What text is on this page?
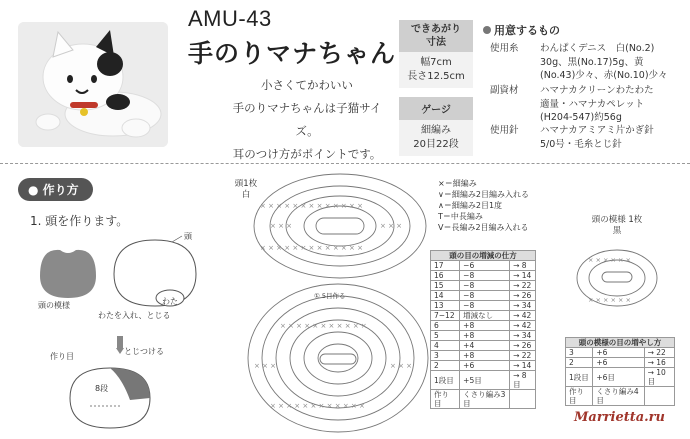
AMU-43
手のりマナちゃん
小さくてかわいい
手のりマナちゃんは子猫サイズ。
耳のつけ方がポイントです。
できあがり
寸法
幅7cm
長さ12.5cm
ゲージ
細編み
20目22段
用意するもの
使用糸	わんぱくデニス　白(No.2)
30g、黒(No.17)5g、黄
(No.43)少々、赤(No.10)少々
副資材	ハマナカクリーンわたわた
適量・ハマナカペレット
(H204-547)約56g
使用針	ハマナカアミアミ片かぎ針
5/0号・毛糸とじ針
● 作り方
1. 頭を作ります。
頭
頭の模様
わたを入れ、とじる
わた
作り目
とじつける
8段
頭1枚
白
× × × × × × × × × × × × ×
× × ×	× × ×
× × × × × × × × × × × × ×
× × × × × × × × × × ×
× × ×	× × ×
× × × × × × × × × × × ×
① 5目作る
×＝細編み
∨＝細編み2目編み入れる
∧＝細編み2目1度
T＝中長編み
V＝長編み2目編み入れる
頭の目の増減の仕方		
17	−6	→ 8
16	−8	→ 14
15	−8	→ 22
14	−8	→ 26
13	−8	→ 34
7−12	増減なし	→ 42
6	+8	→ 42
5	+8	→ 34
4	+4	→ 26
3	+8	→ 22
2	+6	→ 14
1段目	+5目	→ 8目
作り目	くさり編み3目	
頭の模様 1枚
黒
× × × × × ×
× × × × × ×
頭の模様の目の増やし方		
3	+6	→ 22
2	+6	→ 16
1段目	+6目	→ 10目
作り目	くさり編み4目	
Marrietta.ru
